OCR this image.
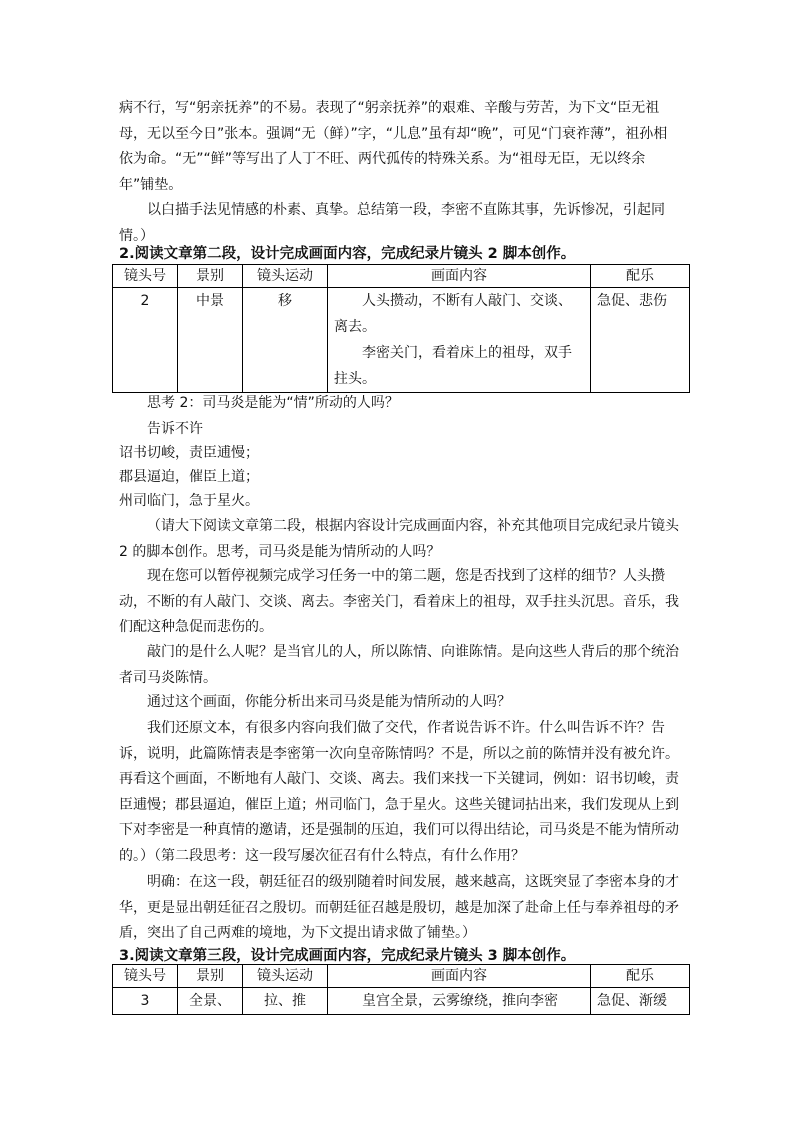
病不行，写“躬亲抚养”的不易。表现了“躬亲抚养”的艰难、辛酸与劳苦，为下文“臣无祖母，无以至今日”张本。强调“无（鲜）”字，“儿息”虽有却“晚”，可见“门衰祚薄”，祖孙相依为命。“无”“鲜”等写出了人丁不旺、两代孤传的特殊关系。为“祖母无臣，无以终余年”铺垫。

以白描手法见情感的朴素、真挚。总结第一段，李密不直陈其事，先诉惨况，引起同情。）

2.阅读文章第二段，设计完成画面内容，完成纪录片镜头 2 脚本创作。

镜头号	景别	镜头运动	画面内容	配乐
2	中景	移	人头攒动，不断有人敲门、交谈、离去。
李密关门，看着床上的祖母，双手拄头。	急促、悲伤

思考 2：司马炎是能为“情”所动的人吗？

告诉不许

诏书切峻，责臣逋慢；

郡县逼迫，催臣上道；

州司临门，急于星火。

（请大下阅读文章第二段，根据内容设计完成画面内容，补充其他项目完成纪录片镜头 2 的脚本创作。思考，司马炎是能为情所动的人吗？

现在您可以暂停视频完成学习任务一中的第二题，您是否找到了这样的细节？人头攒动，不断的有人敲门、交谈、离去。李密关门，看着床上的祖母，双手拄头沉思。音乐，我们配这种急促而悲伤的。

敲门的是什么人呢？是当官儿的人，所以陈情、向谁陈情。是向这些人背后的那个统治者司马炎陈情。

通过这个画面，你能分析出来司马炎是能为情所动的人吗？

我们还原文本，有很多内容向我们做了交代，作者说告诉不许。什么叫告诉不许？告诉，说明，此篇陈情表是李密第一次向皇帝陈情吗？不是，所以之前的陈情并没有被允许。再看这个画面，不断地有人敲门、交谈、离去。我们来找一下关键词，例如：诏书切峻，责臣逋慢；郡县逼迫，催臣上道；州司临门，急于星火。这些关键词拈出来，我们发现从上到下对李密是一种真情的邀请，还是强制的压迫，我们可以得出结论，司马炎是不能为情所动的。）

（第二段思考：这一段写屡次征召有什么特点，有什么作用？

明确：在这一段，朝廷征召的级别随着时间发展，越来越高，这既突显了李密本身的才华，更是显出朝廷征召之殷切。而朝廷征召越是殷切，越是加深了赴命上任与奉养祖母的矛盾，突出了自己两难的境地，为下文提出请求做了铺垫。）

3.阅读文章第三段，设计完成画面内容，完成纪录片镜头 3 脚本创作。

镜头号	景别	镜头运动	画面内容	配乐
3	全景、	拉、推	皇宫全景，云雾缭绕，推向李密	急促、渐缓
